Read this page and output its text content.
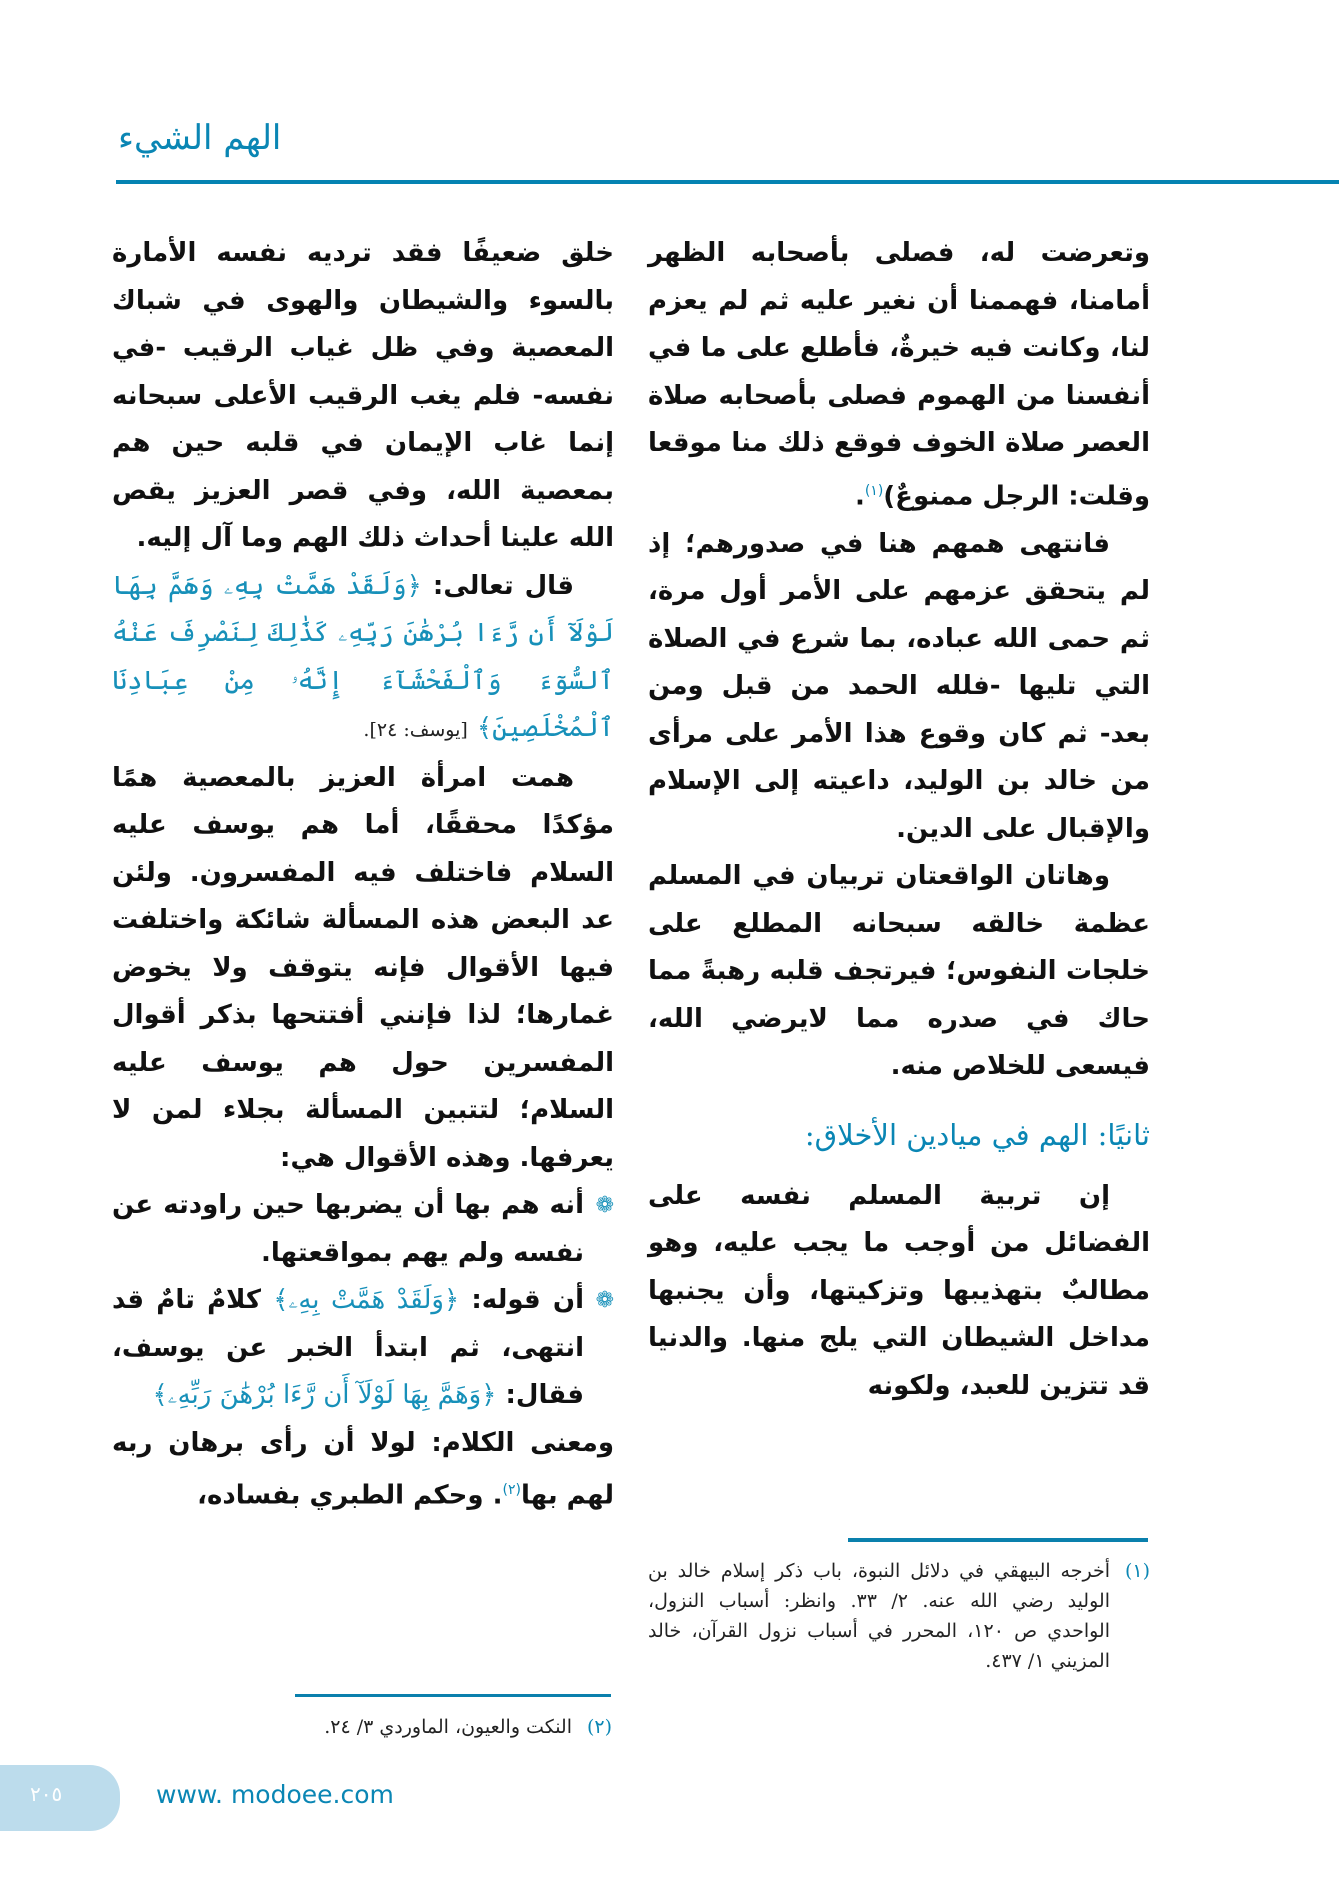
الهم الشيء

وتعرضت له، فصلى بأصحابه الظهر أمامنا، فهممنا أن نغير عليه ثم لم يعزم لنا، وكانت فيه خيرةٌ، فأطلع على ما في أنفسنا من الهموم فصلى بأصحابه صلاة العصر صلاة الخوف فوقع ذلك منا موقعا وقلت: الرجل ممنوعٌ)$^{(١)}$.

فانتهى همهم هنا في صدورهم؛ إذ لم يتحقق عزمهم على الأمر أول مرة، ثم حمى الله عباده، بما شرع في الصلاة التي تليها -فلله الحمد من قبل ومن بعد- ثم كان وقوع هذا الأمر على مرأى من خالد بن الوليد، داعيته إلى الإسلام والإقبال على الدين.

وهاتان الواقعتان تربيان في المسلم عظمة خالقه سبحانه المطلع على خلجات النفوس؛ فيرتجف قلبه رهبةً مما حاك في صدره مما لايرضي الله، فيسعى للخلاص منه.

ثانيًا: الهم في ميادين الأخلاق:

إن تربية المسلم نفسه على الفضائل من أوجب ما يجب عليه، وهو مطالبٌ بتهذيبها وتزكيتها، وأن يجنبها مداخل الشيطان التي يلج منها. والدنيا قد تتزين للعبد، ولكونه

(١)
أخرجه البيهقي في دلائل النبوة، باب ذكر إسلام خالد بن الوليد رضي الله عنه. ٢/ ٣٣. وانظر: أسباب النزول، الواحدي ص ١٢٠، المحرر في أسباب نزول القرآن، خالد المزيني ١/ ٤٣٧.

خلق ضعيفًا فقد ترديه نفسه الأمارة بالسوء والشيطان والهوى في شباك المعصية وفي ظل غياب الرقيب -في نفسه- فلم يغب الرقيب الأعلى سبحانه إنما غاب الإيمان في قلبه حين هم بمعصية الله، وفي قصر العزيز يقص الله علينا أحداث ذلك الهم وما آل إليه.

قال تعالى: ﴿وَلَقَدْ هَمَّتْ بِهِۦ وَهَمَّ بِهَا لَوْلَآ أَن رَّءَا بُرْهَٰنَ رَبِّهِۦ كَذَٰلِكَ لِنَصْرِفَ عَنْهُ ٱلسُّوٓءَ وَٱلْفَحْشَآءَ إِنَّهُۥ مِنْ عِبَادِنَا ٱلْمُخْلَصِينَ﴾ [يوسف: ٢٤].

همت امرأة العزيز بالمعصية همًا مؤكدًا محققًا، أما هم يوسف عليه السلام فاختلف فيه المفسرون. ولئن عد البعض هذه المسألة شائكة واختلفت فيها الأقوال فإنه يتوقف ولا يخوض غمارها؛ لذا فإنني أفتتحها بذكر أقوال المفسرين حول هم يوسف عليه السلام؛ لتتبين المسألة بجلاء لمن لا يعرفها. وهذه الأقوال هي:

❁

أنه هم بها أن يضربها حين راودته عن نفسه ولم يهم بمواقعتها.

❁

أن قوله: ﴿وَلَقَدْ هَمَّتْ بِهِۦ﴾ كلامٌ تامٌ قد انتهى، ثم ابتدأ الخبر عن يوسف، فقال: ﴿وَهَمَّ بِهَا لَوْلَآ أَن رَّءَا بُرْهَٰنَ رَبِّهِۦ﴾

ومعنى الكلام: لولا أن رأى برهان ربه لهم بها$^{(٢)}$. وحكم الطبري بفساده،

(٢)
النكت والعيون، الماوردي ٣/ ٢٤.
٢٠٥	www. modoee.com
